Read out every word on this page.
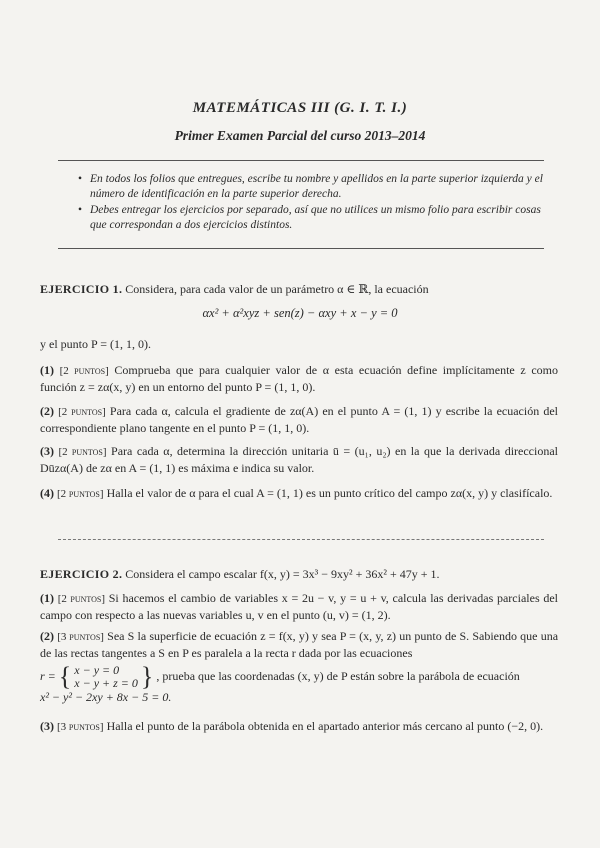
MATEMÁTICAS III (G. I. T. I.)
Primer Examen Parcial del curso 2013–2014
• En todos los folios que entregues, escribe tu nombre y apellidos en la parte superior izquierda y el número de identificación en la parte superior derecha.
• Debes entregar los ejercicios por separado, así que no utilices un mismo folio para escribir cosas que correspondan a dos ejercicios distintos.

EJERCICIO 1. Considera, para cada valor de un parámetro α ∈ ℝ, la ecuación

αx² + α²xyz + sen(z) − αxy + x − y = 0

y el punto P = (1, 1, 0).

(1) [2 puntos] Comprueba que para cualquier valor de α esta ecuación define implícitamente z como función z = zα(x, y) en un entorno del punto P = (1, 1, 0).

(2) [2 puntos] Para cada α, calcula el gradiente de zα(A) en el punto A = (1, 1) y escribe la ecuación del correspondiente plano tangente en el punto P = (1, 1, 0).

(3) [2 puntos] Para cada α, determina la dirección unitaria ū = (u₁, u₂) en la que la derivada direccional Dūzα(A) de zα en A = (1, 1) es máxima e indica su valor.

(4) [2 puntos] Halla el valor de α para el cual A = (1, 1) es un punto crítico del campo zα(x, y) y clasifícalo.

EJERCICIO 2. Considera el campo escalar f(x, y) = 3x³ − 9xy² + 36x² + 47y + 1.

(1) [2 puntos] Si hacemos el cambio de variables x = 2u − v, y = u + v, calcula las derivadas parciales del campo con respecto a las nuevas variables u, v en el punto (u, v) = (1, 2).

(2) [3 puntos] Sea S la superficie de ecuación z = f(x, y) y sea P = (x, y, z) un punto de S. Sabiendo que una de las rectas tangentes a S en P es paralela a la recta r dada por las ecuaciones

r = { x − y = 0
x − y + z = 0 } , prueba que las coordenadas (x, y) de P están sobre la parábola de ecuación
x² − y² − 2xy + 8x − 5 = 0.

(3) [3 puntos] Halla el punto de la parábola obtenida en el apartado anterior más cercano al punto (−2, 0).
